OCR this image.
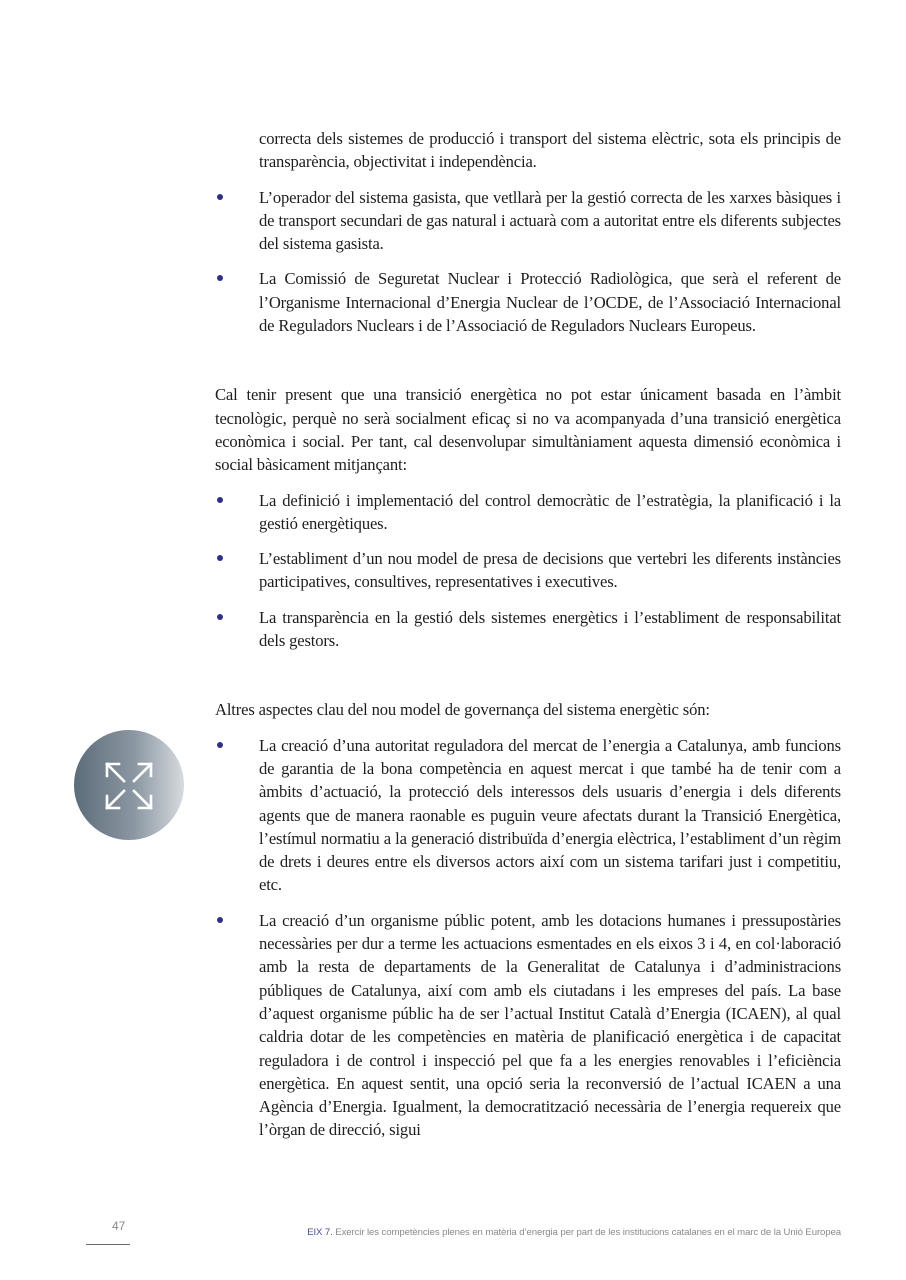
correcta dels sistemes de producció i transport del sistema elèctric, sota els principis de transparència, objectivitat i independència.

L’operador del sistema gasista, que vetllarà per la gestió correcta de les xarxes bàsiques i de transport secundari de gas natural i actuarà com a autoritat entre els diferents subjectes del sistema gasista.
La Comissió de Seguretat Nuclear i Protecció Radiològica, que serà el referent de l’Organisme Internacional d’Energia Nuclear de l’OCDE, de l’Associació Internacional de Reguladors Nuclears i de l’Associació de Reguladors Nuclears Europeus.

Cal tenir present que una transició energètica no pot estar únicament basada en l’àmbit tecnològic, perquè no serà socialment eficaç si no va acompanyada d’una transició energètica econòmica i social. Per tant, cal desenvolupar simultàniament aquesta dimensió econòmica i social bàsicament mitjançant:

La definició i implementació del control democràtic de l’estratègia, la planificació i la gestió energètiques.
L’establiment d’un nou model de presa de decisions que vertebri les diferents instàncies participatives, consultives, representatives i executives.
La transparència en la gestió dels sistemes energètics i l’establiment de responsabilitat dels gestors.

Altres aspectes clau del nou model de governança del sistema energètic són:

La creació d’una autoritat reguladora del mercat de l’energia a Catalunya, amb funcions de garantia de la bona competència en aquest mercat i que també ha de tenir com a àmbits d’actuació, la protecció dels interessos dels usuaris d’energia i dels diferents agents que de manera raonable es puguin veure afectats durant la Transició Energètica, l’estímul normatiu a la generació distribuïda d’energia elèctrica, l’establiment d’un règim de drets i deures entre els diversos actors així com un sistema tarifari just i competitiu, etc.
La creació d’un organisme públic potent, amb les dotacions humanes i pressupostàries necessàries per dur a terme les actuacions esmentades en els eixos 3 i 4, en col·laboració amb la resta de departaments de la Generalitat de Catalunya i d’administracions públiques de Catalunya, així com amb els ciutadans i les empreses del país. La base d’aquest organisme públic ha de ser l’actual Institut Català d’Energia (ICAEN), al qual caldria dotar de les competències en matèria de planificació energètica i de capacitat reguladora i de control i inspecció pel que fa a les energies renovables i l’eficiència energètica. En aquest sentit, una opció seria la reconversió de l’actual ICAEN a una Agència d’Energia. Igualment, la democratització necessària de l’energia requereix que l’òrgan de direcció, sigui
47	EIX 7. Exercir les competències plenes en matèria d’energia per part de les institucions catalanes en el marc de la Unió Europea
